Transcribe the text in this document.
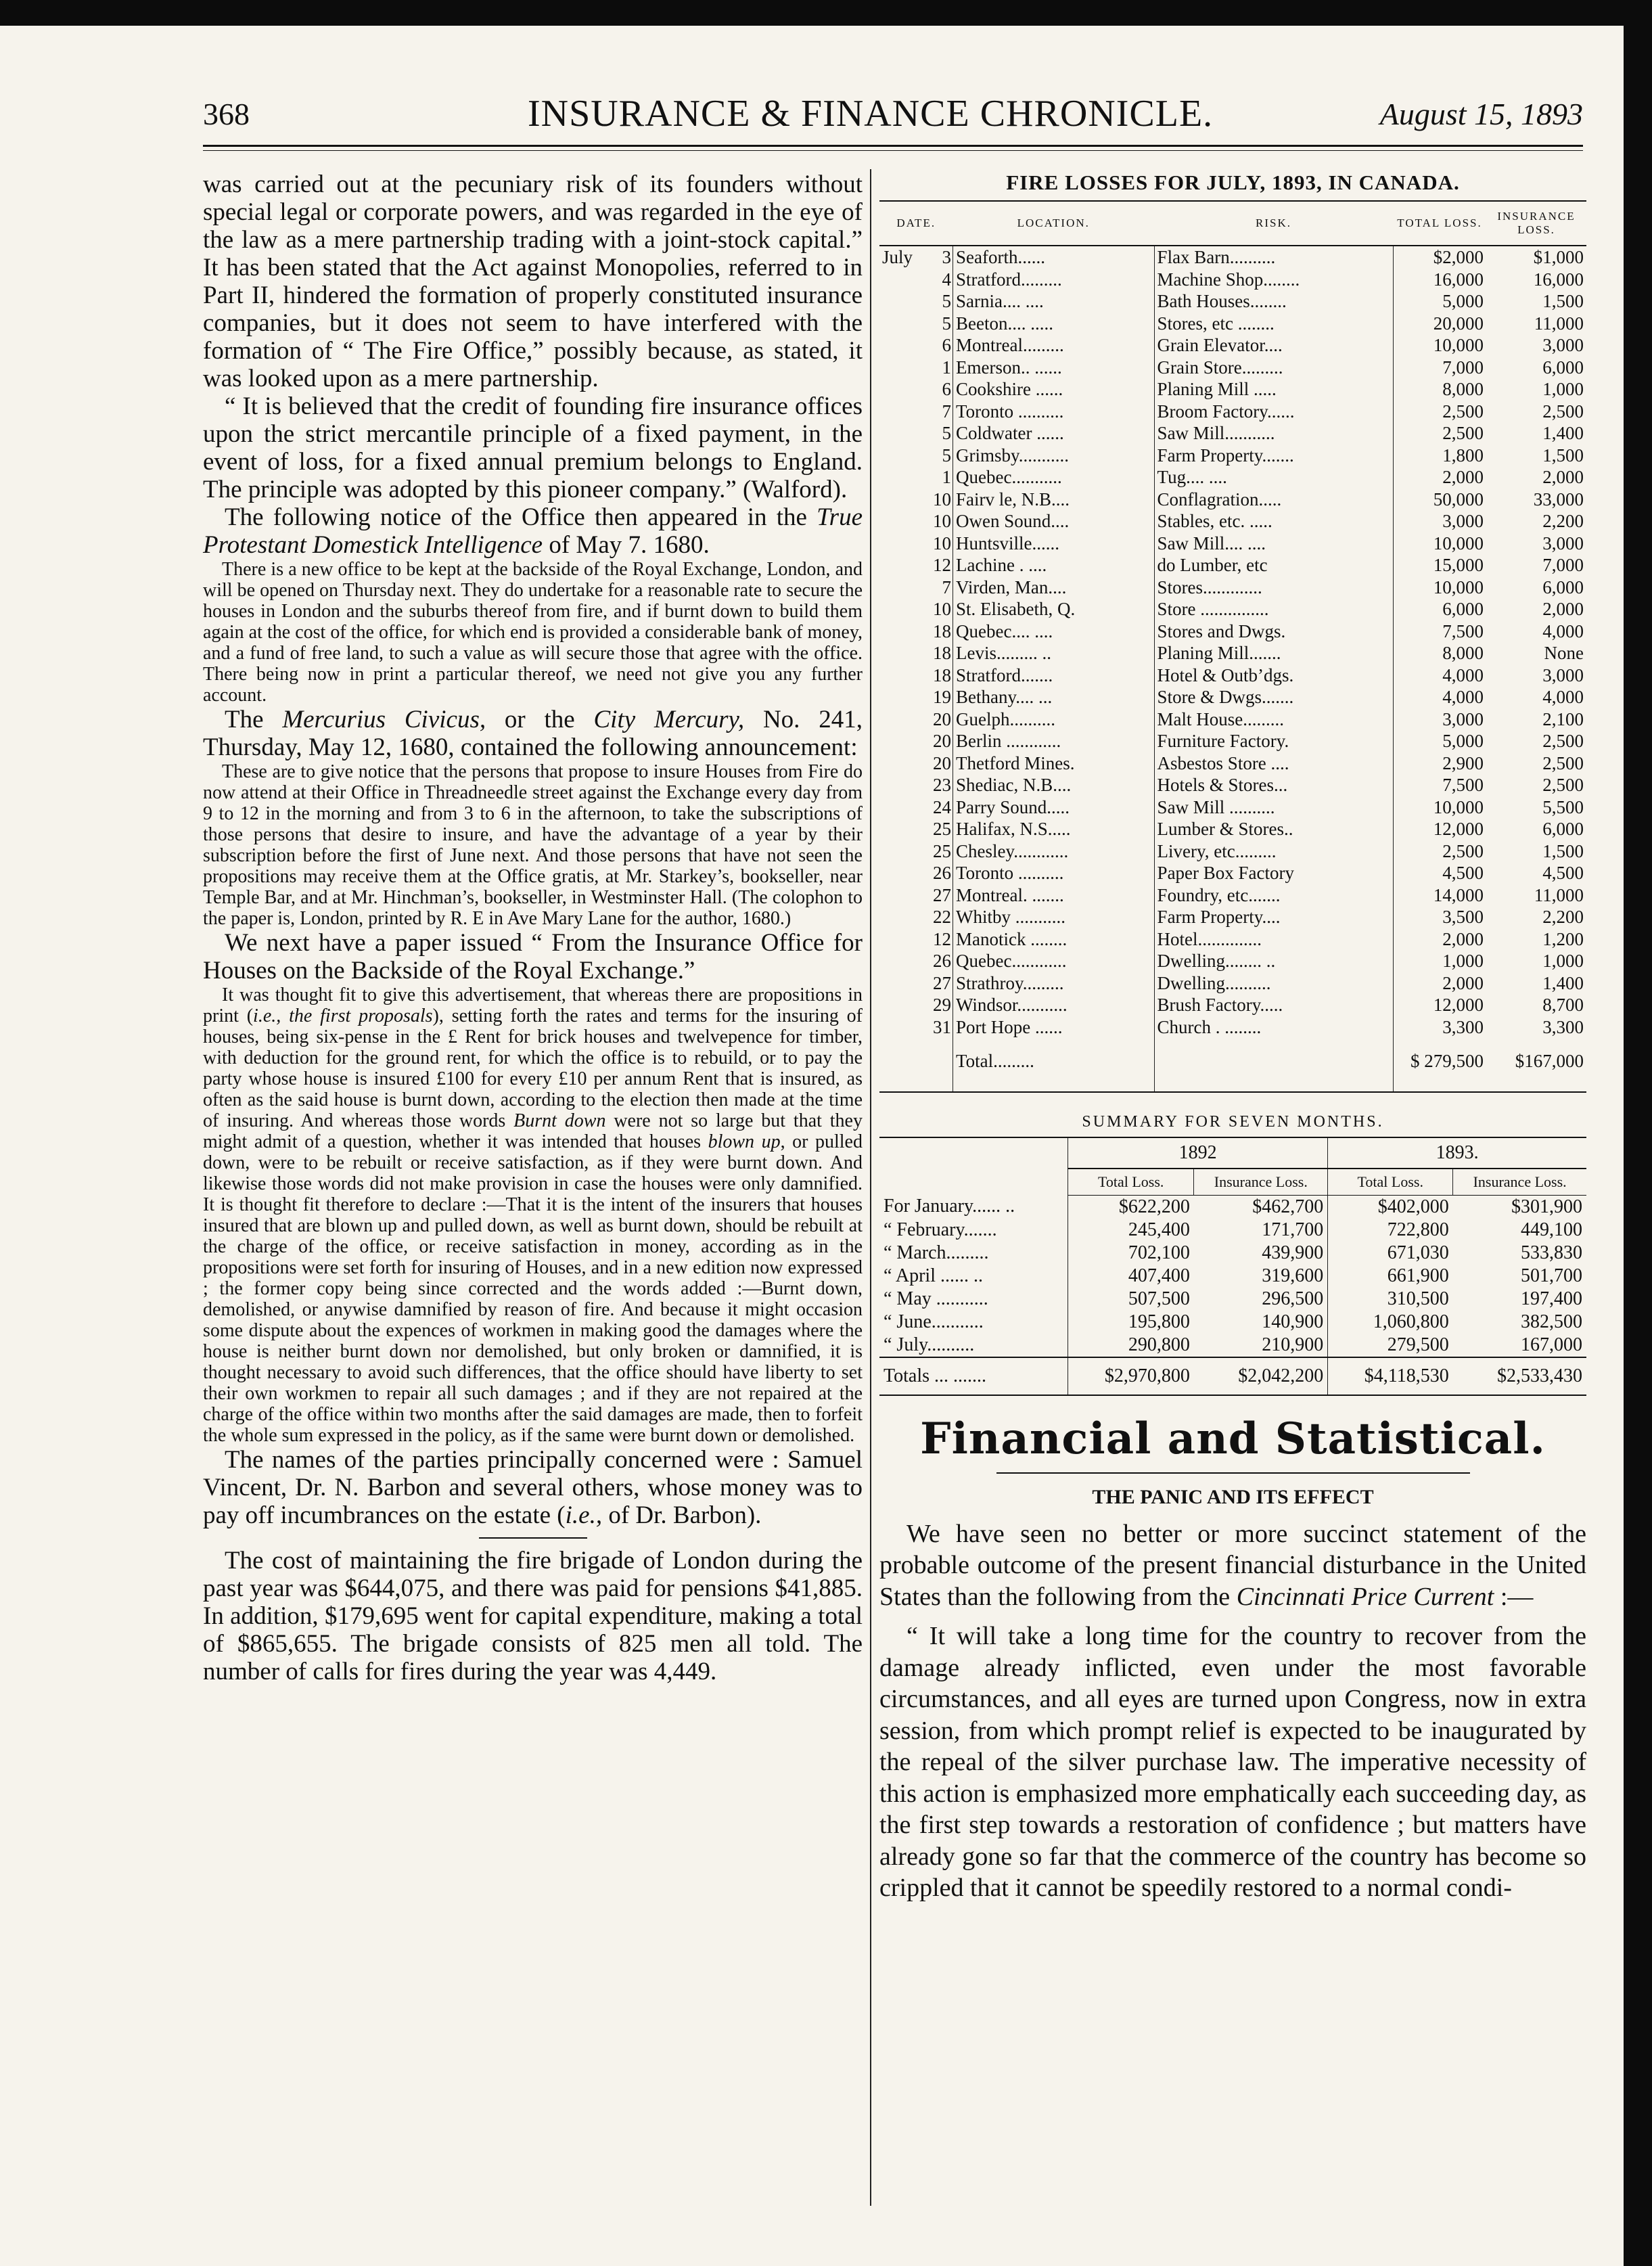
368	INSURANCE & FINANCE CHRONICLE.	August 15, 1893

was carried out at the pecuniary risk of its founders without special legal or corporate powers, and was regarded in the eye of the law as a mere partnership trading with a joint-stock capital.” It has been stated that the Act against Monopolies, referred to in Part II, hindered the formation of properly constituted insurance companies, but it does not seem to have interfered with the formation of “ The Fire Office,” possibly because, as stated, it was looked upon as a mere partnership.

“ It is believed that the credit of founding fire insurance offices upon the strict mercantile principle of a fixed payment, in the event of loss, for a fixed annual premium belongs to England. The principle was adopted by this pioneer company.” (Walford).

The following notice of the Office then appeared in the True Protestant Domestick Intelligence of May 7. 1680.

There is a new office to be kept at the backside of the Royal Exchange, London, and will be opened on Thursday next. They do undertake for a reasonable rate to secure the houses in London and the suburbs thereof from fire, and if burnt down to build them again at the cost of the office, for which end is provided a considerable bank of money, and a fund of free land, to such a value as will secure those that agree with the office. There being now in print a particular thereof, we need not give you any further account.

The Mercurius Civicus, or the City Mercury, No. 241, Thursday, May 12, 1680, contained the following announcement:

These are to give notice that the persons that propose to insure Houses from Fire do now attend at their Office in Threadneedle street against the Exchange every day from 9 to 12 in the morning and from 3 to 6 in the afternoon, to take the subscriptions of those persons that desire to insure, and have the advantage of a year by their subscription before the first of June next. And those persons that have not seen the propositions may receive them at the Office gratis, at Mr. Starkey’s, bookseller, near Temple Bar, and at Mr. Hinchman’s, bookseller, in Westminster Hall. (The colophon to the paper is, London, printed by R. E in Ave Mary Lane for the author, 1680.)

We next have a paper issued “ From the Insurance Office for Houses on the Backside of the Royal Exchange.”

It was thought fit to give this advertisement, that whereas there are propositions in print (i.e., the first proposals), setting forth the rates and terms for the insuring of houses, being six-pense in the £ Rent for brick houses and twelvepence for timber, with deduction for the ground rent, for which the office is to rebuild, or to pay the party whose house is insured £100 for every £10 per annum Rent that is insured, as often as the said house is burnt down, according to the election then made at the time of insuring. And whereas those words Burnt down were not so large but that they might admit of a question, whether it was intended that houses blown up, or pulled down, were to be rebuilt or receive satisfaction, as if they were burnt down. And likewise those words did not make provision in case the houses were only damnified. It is thought fit therefore to declare :—That it is the intent of the insurers that houses insured that are blown up and pulled down, as well as burnt down, should be rebuilt at the charge of the office, or receive satisfaction in money, according as in the propositions were set forth for insuring of Houses, and in a new edition now expressed ; the former copy being since corrected and the words added :—Burnt down, demolished, or anywise damnified by reason of fire. And because it might occasion some dispute about the expences of workmen in making good the damages where the house is neither burnt down nor demolished, but only broken or damnified, it is thought necessary to avoid such differences, that the office should have liberty to set their own workmen to repair all such damages ; and if they are not repaired at the charge of the office within two months after the said damages are made, then to forfeit the whole sum expressed in the policy, as if the same were burnt down or demolished.

The names of the parties principally concerned were : Samuel Vincent, Dr. N. Barbon and several others, whose money was to pay off incumbrances on the estate (i.e., of Dr. Barbon).

The cost of maintaining the fire brigade of London during the past year was $644,075, and there was paid for pensions $41,885. In addition, $179,695 went for capital expenditure, making a total of $865,655. The brigade consists of 825 men all told. The number of calls for fires during the year was 4,449.

FIRE LOSSES FOR JULY, 1893, IN CANADA.
DATE.		LOCATION.	RISK.	TOTAL LOSS.	INSURANCE LOSS.
July	3	Seaforth......	Flax Barn..........	$2,000	$1,000
	4	Stratford.........	Machine Shop........	16,000	16,000
	5	Sarnia.... ....	Bath Houses........	5,000	1,500
	5	Beeton.... .....	Stores, etc ........	20,000	11,000
	6	Montreal.........	Grain Elevator....	10,000	3,000
	1	Emerson.. ......	Grain Store.........	7,000	6,000
	6	Cookshire ......	Planing Mill .....	8,000	1,000
	7	Toronto ..........	Broom Factory......	2,500	2,500
	5	Coldwater ......	Saw Mill...........	2,500	1,400
	5	Grimsby...........	Farm Property.......	1,800	1,500
	1	Quebec...........	Tug.... ....	2,000	2,000
	10	Fairv le, N.B....	Conflagration.....	50,000	33,000
	10	Owen Sound....	Stables, etc. .....	3,000	2,200
	10	Huntsville......	Saw Mill.... ....	10,000	3,000
	12	Lachine . ....	do Lumber, etc	15,000	7,000
	7	Virden, Man....	Stores.............	10,000	6,000
	10	St. Elisabeth, Q.	Store ...............	6,000	2,000
	18	Quebec.... ....	Stores and Dwgs.	7,500	4,000
	18	Levis......... ..	Planing Mill.......	8,000	None
	18	Stratford.......	Hotel & Outb’dgs.	4,000	3,000
	19	Bethany.... ...	Store & Dwgs.......	4,000	4,000
	20	Guelph..........	Malt House.........	3,000	2,100
	20	Berlin ............	Furniture Factory.	5,000	2,500
	20	Thetford Mines.	Asbestos Store ....	2,900	2,500
	23	Shediac, N.B....	Hotels & Stores...	7,500	2,500
	24	Parry Sound.....	Saw Mill ..........	10,000	5,500
	25	Halifax, N.S.....	Lumber & Stores..	12,000	6,000
	25	Chesley............	Livery, etc.........	2,500	1,500
	26	Toronto ..........	Paper Box Factory	4,500	4,500
	27	Montreal. .......	Foundry, etc.......	14,000	11,000
	22	Whitby ...........	Farm Property....	3,500	2,200
	12	Manotick ........	Hotel..............	2,000	1,200
	26	Quebec............	Dwelling........ ..	1,000	1,000
	27	Strathroy.........	Dwelling..........	2,000	1,400
	29	Windsor...........	Brush Factory.....	12,000	8,700
	31	Port Hope ......	Church . ........	3,300	3,300
		Total.........		$ 279,500	$167,000
SUMMARY FOR SEVEN MONTHS.
	1892		1893.	
	Total Loss.	Insurance Loss.	Total Loss.	Insurance Loss.
For January...... ..	$622,200	$462,700	$402,000	$301,900
“ February.......	245,400	171,700	722,800	449,100
“ March.........	702,100	439,900	671,030	533,830
“ April ...... ..	407,400	319,600	661,900	501,700
“ May ...........	507,500	296,500	310,500	197,400
“ June...........	195,800	140,900	1,060,800	382,500
“ July..........	290,800	210,900	279,500	167,000
Totals ... .......	$2,970,800	$2,042,200	$4,118,530	$2,533,430
Financial and Statistical.
THE PANIC AND ITS EFFECT

We have seen no better or more succinct statement of the probable outcome of the present financial disturbance in the United States than the following from the Cincinnati Price Current :—

“ It will take a long time for the country to recover from the damage already inflicted, even under the most favorable circumstances, and all eyes are turned upon Congress, now in extra session, from which prompt relief is expected to be inaugurated by the repeal of the silver purchase law. The imperative necessity of this action is emphasized more emphatically each succeeding day, as the first step towards a restoration of confidence ; but matters have already gone so far that the commerce of the country has become so crippled that it cannot be speedily restored to a normal condi-
